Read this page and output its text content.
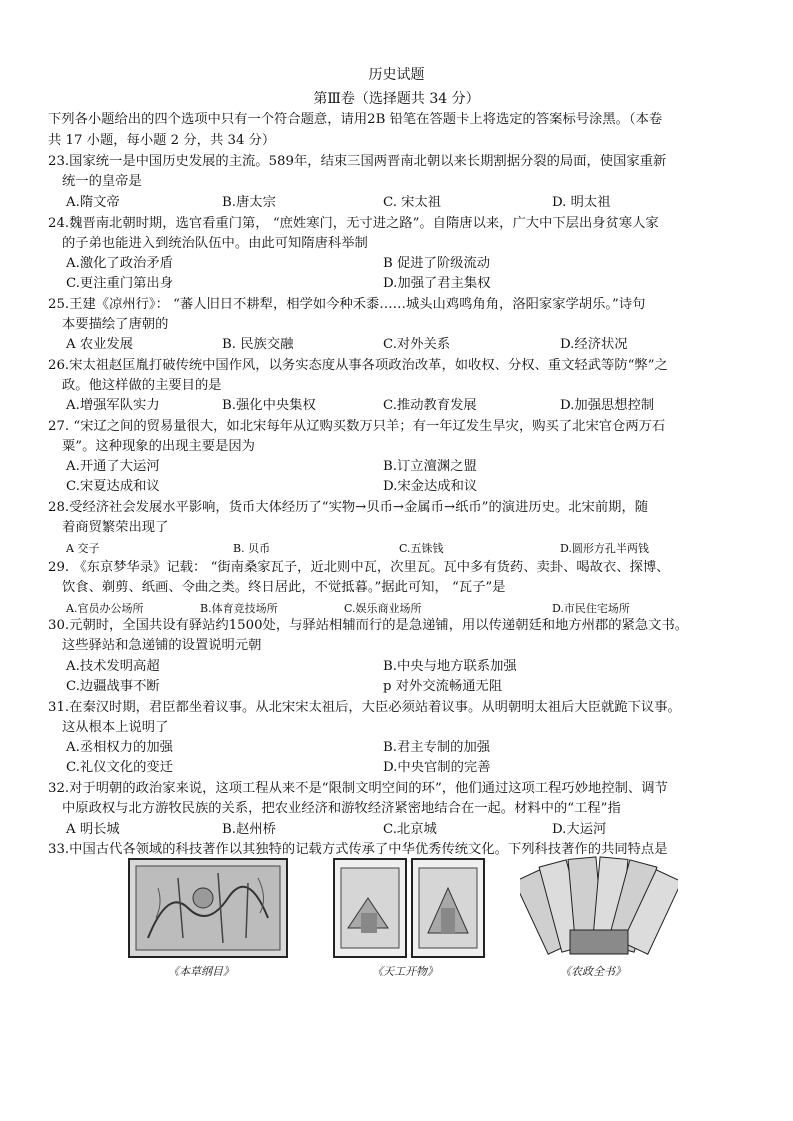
历史试题
第Ⅲ卷（选择题共 34 分）
下列各小题给出的四个选项中只有一个符合题意，请用2B 铅笔在答题卡上将选定的答案标号涂黑。（本卷
共 17 小题，每小题 2 分，共 34 分）
23.国家统一是中国历史发展的主流。589年，结束三国两晋南北朝以来长期割据分裂的局面，使国家重新
统一的皇帝是
A.隋文帝	B.唐太宗	C. 宋太祖	D. 明太祖
24.魏晋南北朝时期，选官看重门第， “庶姓寒门，无寸进之路”。自隋唐以来，广大中下层出身贫寒人家
的子弟也能进入到统治队伍中。由此可知隋唐科举制
A.激化了政治矛盾	B 促进了阶级流动
C.更注重门第出身	D.加强了君主集权
25.王建《凉州行》： “蕃人旧日不耕犁，相学如今种禾黍……城头山鸡鸣角角，洛阳家家学胡乐。”诗句
本要描绘了唐朝的
A 农业发展	B. 民族交融	C.对外关系	D.经济状况
26.宋太祖赵匡胤打破传统中国作风，以务实态度从事各项政治改革，如收权、分权、重文轻武等防“弊”之
政。他这样做的主要目的是
A.增强军队实力	B.强化中央集权	C.推动教育发展	D.加强思想控制
27. “宋辽之间的贸易量很大，如北宋每年从辽购买数万只羊；有一年辽发生旱灾，购买了北宋官仓两万石
粟”。这种现象的出现主要是因为
A.开通了大运河	B.订立澶渊之盟
C.宋夏达成和议	D.宋金达成和议
28.受经济社会发展水平影响，货币大体经历了“实物→贝币→金属币→纸币”的演进历史。北宋前期，随
着商贸繁荣出现了
A 交子	B. 贝币	C.五铢钱	D.圆形方孔半两钱
29. 《东京梦华录》记载： “街南桑家瓦子，近北则中瓦，次里瓦。瓦中多有货药、卖卦、喝故衣、探博、
饮食、剃剪、纸画、令曲之类。终日居此，不觉抵暮。”据此可知， “瓦子”是
A.官员办公场所	B.体育竞技场所	C.娱乐商业场所	D.市民住宅场所
30.元朝时，全国共设有驿站约1500处，与驿站相辅而行的是急递铺，用以传递朝廷和地方州郡的紧急文书。
这些驿站和急递铺的设置说明元朝
A.技术发明高超	B.中央与地方联系加强
C.边疆战事不断	p 对外交流畅通无阻
31.在秦汉时期，君臣都坐着议事。从北宋宋太祖后，大臣必须站着议事。从明朝明太祖后大臣就跪下议事。
这从根本上说明了
A.丞相权力的加强	B.君主专制的加强
C.礼仪文化的变迁	D.中央官制的完善
32.对于明朝的政治家来说，这项工程从来不是“限制文明空间的环”，他们通过这项工程巧妙地控制、调节
中原政权与北方游牧民族的关系，把农业经济和游牧经济紧密地结合在一起。材料中的“工程”指
A 明长城	B.赵州桥	C.北京城	D.大运河
33.中国古代各领域的科技著作以其独特的记载方式传承了中华优秀传统文化。下列科技著作的共同特点是
《本草纲目》	《天工开物》	《农政全书》
